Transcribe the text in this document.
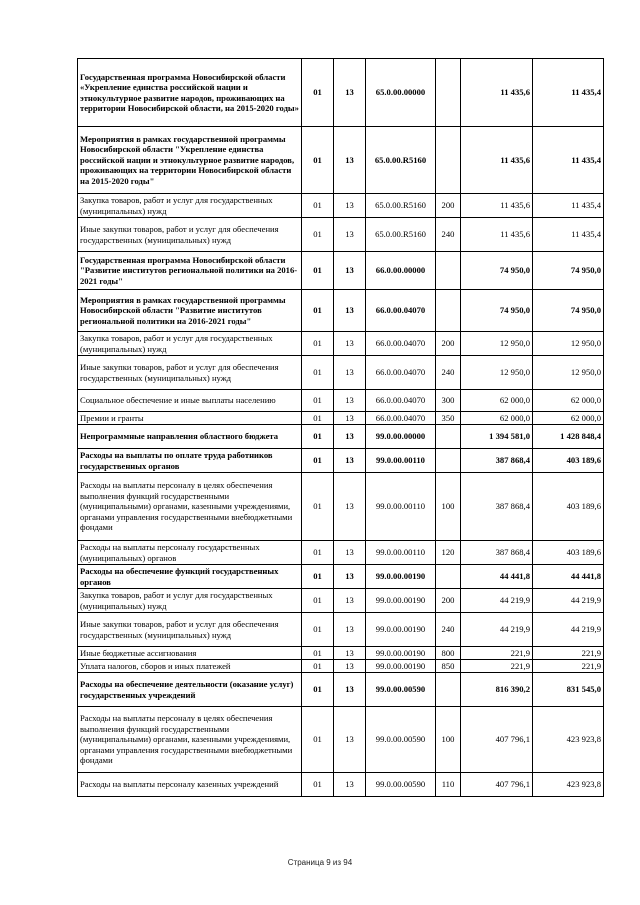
Государственная программа Новосибирской области «Укрепление единства российской нации и этнокультурное развитие народов, проживающих на территории Новосибирской области, на 2015-2020 годы»	01	13	65.0.00.00000		11 435,6	11 435,4
Мероприятия в рамках государственной программы Новосибирской области "Укрепление единства российской нации и этнокультурное развитие народов, проживающих на территории Новосибирской области на 2015-2020 годы"	01	13	65.0.00.R5160		11 435,6	11 435,4
Закупка товаров, работ и услуг для государственных (муниципальных) нужд	01	13	65.0.00.R5160	200	11 435,6	11 435,4
Иные закупки товаров, работ и услуг для обеспечения государственных (муниципальных) нужд	01	13	65.0.00.R5160	240	11 435,6	11 435,4
Государственная программа Новосибирской области "Развитие институтов региональной политики на 2016-2021 годы"	01	13	66.0.00.00000		74 950,0	74 950,0
Мероприятия в рамках государственной программы Новосибирской области "Развитие институтов региональной политики на 2016-2021 годы"	01	13	66.0.00.04070		74 950,0	74 950,0
Закупка товаров, работ и услуг для государственных (муниципальных) нужд	01	13	66.0.00.04070	200	12 950,0	12 950,0
Иные закупки товаров, работ и услуг для обеспечения государственных (муниципальных) нужд	01	13	66.0.00.04070	240	12 950,0	12 950,0
Социальное обеспечение и иные выплаты населению	01	13	66.0.00.04070	300	62 000,0	62 000,0
Премии и гранты	01	13	66.0.00.04070	350	62 000,0	62 000,0
Непрограммные направления областного бюджета	01	13	99.0.00.00000		1 394 581,0	1 428 848,4
Расходы на выплаты по оплате труда работников государственных органов	01	13	99.0.00.00110		387 868,4	403 189,6
Расходы на выплаты персоналу в целях обеспечения выполнения функций государственными (муниципальными) органами, казенными учреждениями, органами управления государственными внебюджетными фондами	01	13	99.0.00.00110	100	387 868,4	403 189,6
Расходы на выплаты персоналу государственных (муниципальных) органов	01	13	99.0.00.00110	120	387 868,4	403 189,6
Расходы на обеспечение функций государственных органов	01	13	99.0.00.00190		44 441,8	44 441,8
Закупка товаров, работ и услуг для государственных (муниципальных) нужд	01	13	99.0.00.00190	200	44 219,9	44 219,9
Иные закупки товаров, работ и услуг для обеспечения государственных (муниципальных) нужд	01	13	99.0.00.00190	240	44 219,9	44 219,9
Иные бюджетные ассигнования	01	13	99.0.00.00190	800	221,9	221,9
Уплата налогов, сборов и иных платежей	01	13	99.0.00.00190	850	221,9	221,9
Расходы на обеспечение деятельности (оказание услуг) государственных учреждений	01	13	99.0.00.00590		816 390,2	831 545,0
Расходы на выплаты персоналу в целях обеспечения выполнения функций государственными (муниципальными) органами, казенными учреждениями, органами управления государственными внебюджетными фондами	01	13	99.0.00.00590	100	407 796,1	423 923,8
Расходы на выплаты персоналу казенных учреждений	01	13	99.0.00.00590	110	407 796,1	423 923,8
Страница 9 из 94
